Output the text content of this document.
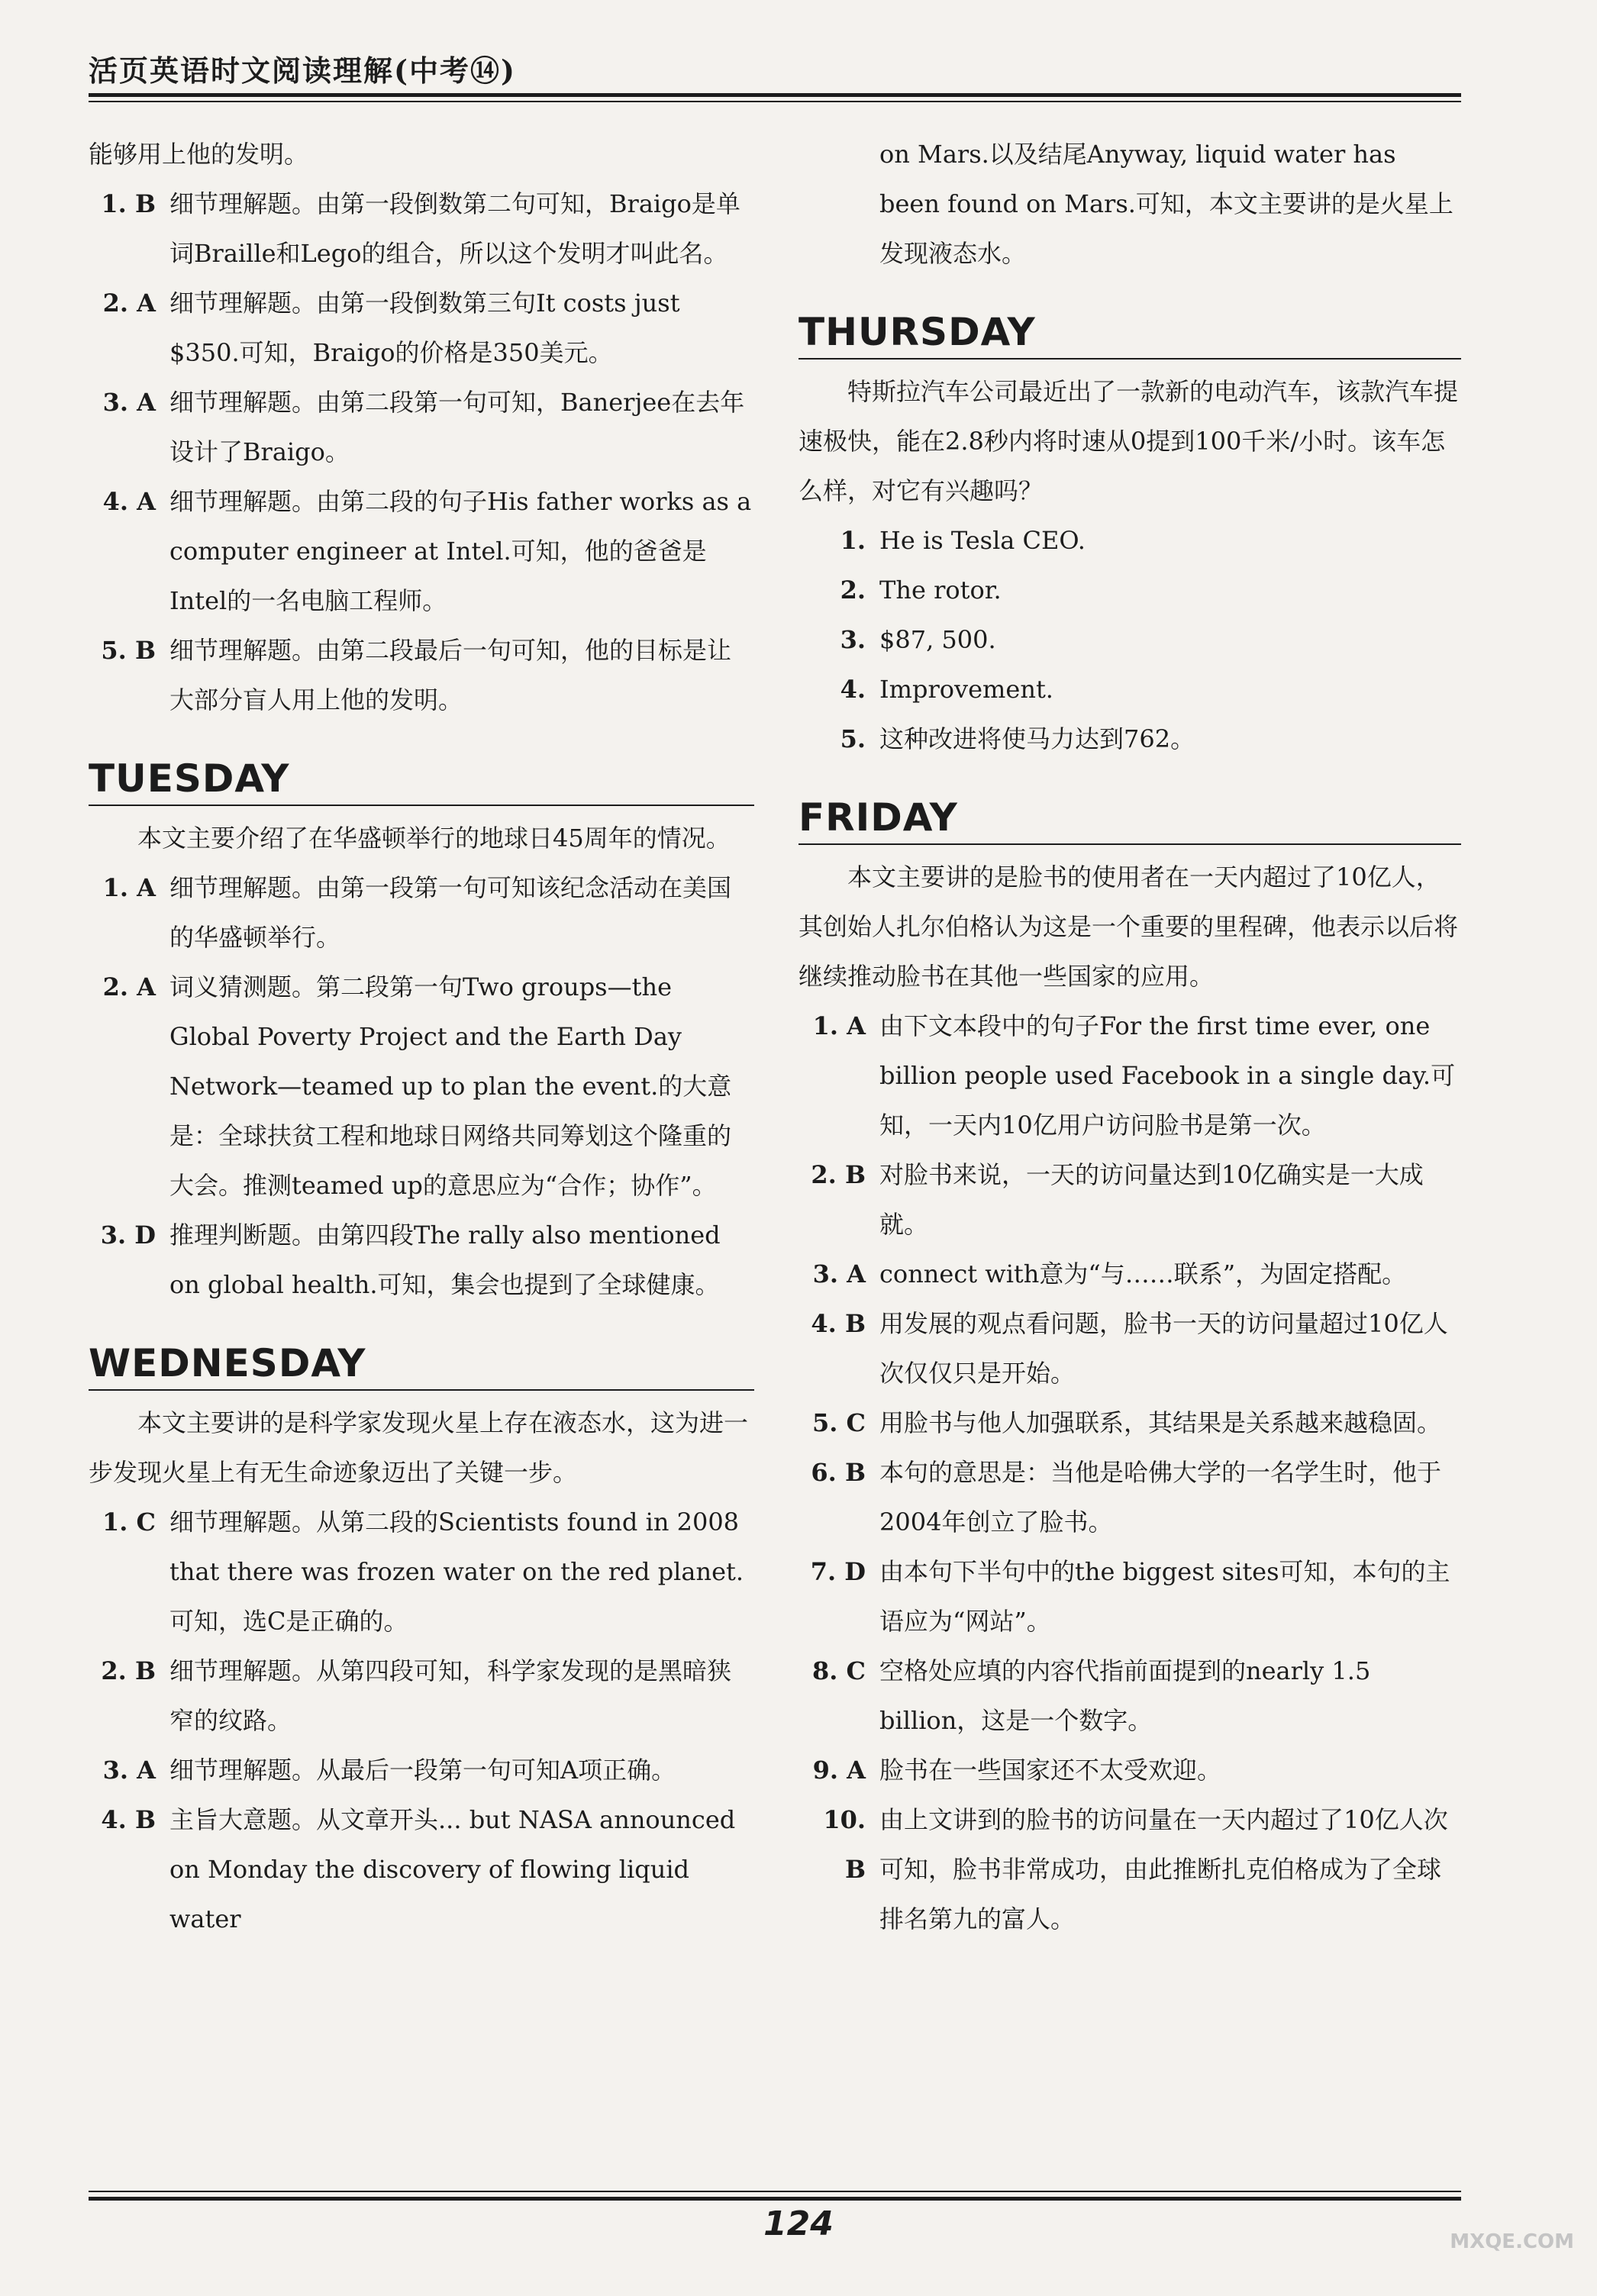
活页英语时文阅读理解(中考⑭)

能够用上他的发明。

1. B 细节理解题。由第一段倒数第二句可知，Braigo是单词Braille和Lego的组合，所以这个发明才叫此名。
2. A 细节理解题。由第一段倒数第三句It costs just $350.可知，Braigo的价格是350美元。
3. A 细节理解题。由第二段第一句可知，Banerjee在去年设计了Braigo。
4. A 细节理解题。由第二段的句子His father works as a computer engineer at Intel.可知，他的爸爸是Intel的一名电脑工程师。
5. B 细节理解题。由第二段最后一句可知，他的目标是让大部分盲人用上他的发明。
TUESDAY

本文主要介绍了在华盛顿举行的地球日45周年的情况。

1. A 细节理解题。由第一段第一句可知该纪念活动在美国的华盛顿举行。
2. A 词义猜测题。第二段第一句Two groups—the Global Poverty Project and the Earth Day Network—teamed up to plan the event.的大意是：全球扶贫工程和地球日网络共同筹划这个隆重的大会。推测teamed up的意思应为“合作；协作”。
3. D 推理判断题。由第四段The rally also mentioned on global health.可知，集会也提到了全球健康。
WEDNESDAY

本文主要讲的是科学家发现火星上存在液态水，这为进一步发现火星上有无生命迹象迈出了关键一步。

1. C 细节理解题。从第二段的Scientists found in 2008 that there was frozen water on the red planet.可知，选C是正确的。
2. B 细节理解题。从第四段可知，科学家发现的是黑暗狭窄的纹路。
3. A 细节理解题。从最后一段第一句可知A项正确。
4. B 主旨大意题。从文章开头... but NASA announced on Monday the discovery of flowing liquid water
on Mars.以及结尾Anyway, liquid water has been found on Mars.可知，本文主要讲的是火星上发现液态水。
THURSDAY

特斯拉汽车公司最近出了一款新的电动汽车，该款汽车提速极快，能在2.8秒内将时速从0提到100千米/小时。该车怎么样，对它有兴趣吗？

1. He is Tesla CEO.
2. The rotor.
3. $87, 500.
4. Improvement.
5. 这种改进将使马力达到762。
FRIDAY

本文主要讲的是脸书的使用者在一天内超过了10亿人，其创始人扎尔伯格认为这是一个重要的里程碑，他表示以后将继续推动脸书在其他一些国家的应用。

1. A 由下文本段中的句子For the first time ever, one billion people used Facebook in a single day.可知，一天内10亿用户访问脸书是第一次。
2. B 对脸书来说，一天的访问量达到10亿确实是一大成就。
3. A connect with意为“与……联系”，为固定搭配。
4. B 用发展的观点看问题，脸书一天的访问量超过10亿人次仅仅只是开始。
5. C 用脸书与他人加强联系，其结果是关系越来越稳固。
6. B 本句的意思是：当他是哈佛大学的一名学生时，他于2004年创立了脸书。
7. D 由本句下半句中的the biggest sites可知，本句的主语应为“网站”。
8. C 空格处应填的内容代指前面提到的nearly 1.5 billion，这是一个数字。
9. A 脸书在一些国家还不太受欢迎。
10. B
由上文讲到的脸书的访问量在一天内超过了10亿人次可知，脸书非常成功，由此推断扎克伯格成为了全球排名第九的富人。
124	MXQE.COM
